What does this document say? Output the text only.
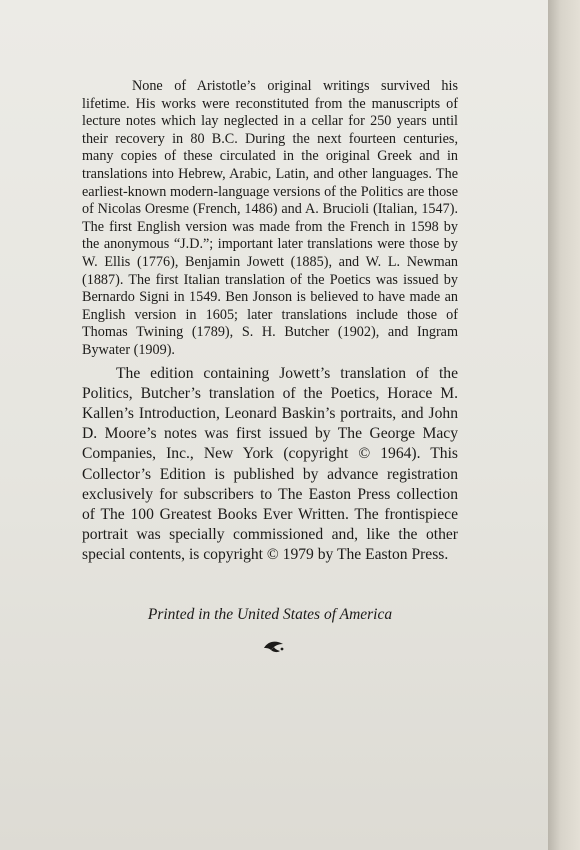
None of Aristotle’s original writings survived his lifetime. His works were reconstituted from the manuscripts of lecture notes which lay neglected in a cellar for 250 years until their recovery in 80 B.C. During the next fourteen centuries, many copies of these circulated in the original Greek and in translations into Hebrew, Arabic, Latin, and other languages. The earliest-known modern-language versions of the Politics are those of Nicolas Oresme (French, 1486) and A. Brucioli (Italian, 1547). The first English version was made from the French in 1598 by the anonymous “J.D.”; important later translations were those by W. Ellis (1776), Benjamin Jowett (1885), and W. L. Newman (1887). The first Italian translation of the Poetics was issued by Bernardo Signi in 1549. Ben Jonson is believed to have made an English version in 1605; later translations include those of Thomas Twining (1789), S. H. Butcher (1902), and Ingram Bywater (1909).

The edition containing Jowett’s translation of the Politics, Butcher’s translation of the Poetics, Horace M. Kallen’s Introduction, Leonard Baskin’s portraits, and John D. Moore’s notes was first issued by The George Macy Companies, Inc., New York (copyright © 1964). This Collector’s Edition is published by advance registration exclusively for subscribers to The Easton Press collection of The 100 Greatest Books Ever Written. The frontispiece portrait was specially commissioned and, like the other special contents, is copyright © 1979 by The Easton Press.

Printed in the United States of America
